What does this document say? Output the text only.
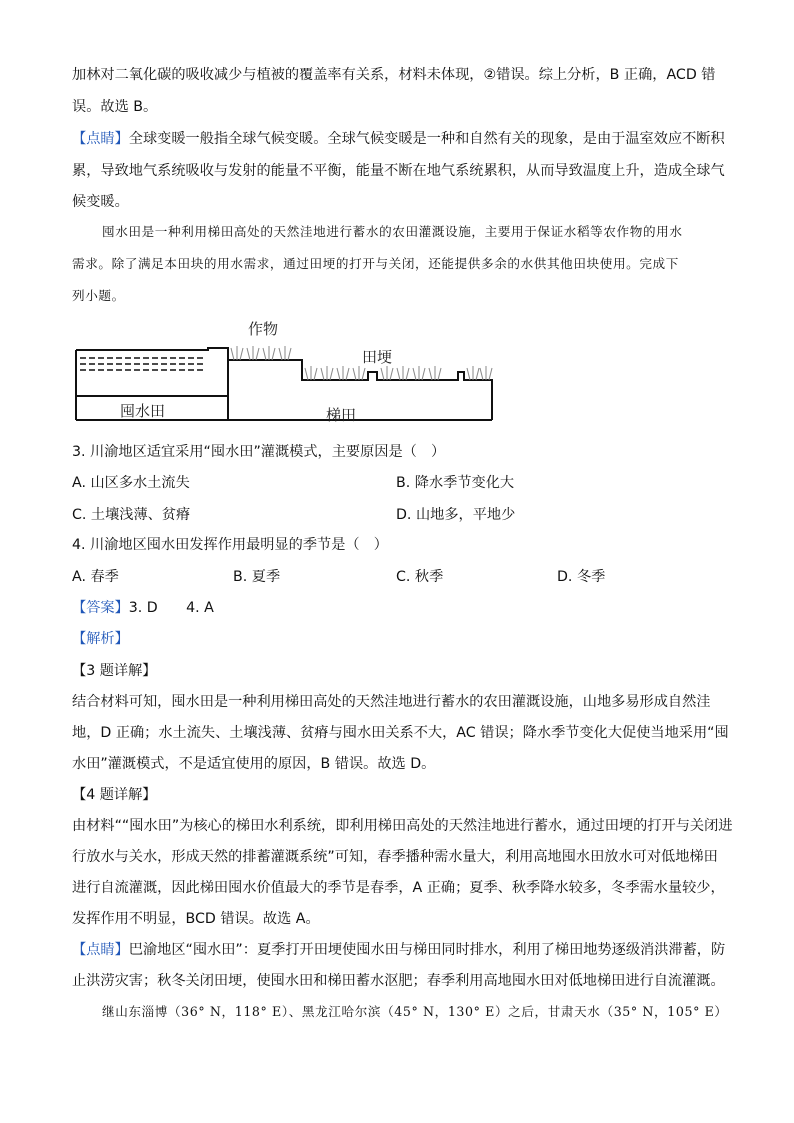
加林对二氧化碳的吸收减少与植被的覆盖率有关系，材料未体现，②错误。综上分析，B 正确，ACD 错
误。故选 B。
【点睛】全球变暖一般指全球气候变暖。全球气候变暖是一种和自然有关的现象，是由于温室效应不断积
累，导致地气系统吸收与发射的能量不平衡，能量不断在地气系统累积，从而导致温度上升，造成全球气
候变暖。
囤水田是一种利用梯田高处的天然洼地进行蓄水的农田灌溉设施，主要用于保证水稻等农作物的用水
需求。除了满足本田块的用水需求，通过田埂的打开与关闭，还能提供多余的水供其他田块使用。完成下
列小题。
作物
田埂
囤水田	梯田
3. 川渝地区适宜采用“囤水田”灌溉模式，主要原因是（　）
A. 山区多水土流失	B. 降水季节变化大
C. 土壤浅薄、贫瘠	D. 山地多，平地少
4. 川渝地区囤水田发挥作用最明显的季节是（　）
A. 春季	B. 夏季	C. 秋季	D. 冬季
【答案】3. D　　4. A
【解析】
【3 题详解】
结合材料可知，囤水田是一种利用梯田高处的天然洼地进行蓄水的农田灌溉设施，山地多易形成自然洼
地，D 正确；水土流失、土壤浅薄、贫瘠与囤水田关系不大，AC 错误；降水季节变化大促使当地采用“囤
水田”灌溉模式，不是适宜使用的原因，B 错误。故选 D。
【4 题详解】
由材料““囤水田”为核心的梯田水利系统，即利用梯田高处的天然洼地进行蓄水，通过田埂的打开与关闭进
行放水与关水，形成天然的排蓄灌溉系统”可知，春季播种需水量大，利用高地囤水田放水可对低地梯田
进行自流灌溉，因此梯田囤水价值最大的季节是春季，A 正确；夏季、秋季降水较多，冬季需水量较少，
发挥作用不明显，BCD 错误。故选 A。
【点睛】巴渝地区“囤水田”：夏季打开田埂使囤水田与梯田同时排水，利用了梯田地势逐级消洪滞蓄，防
止洪涝灾害；秋冬关闭田埂，使囤水田和梯田蓄水沤肥；春季利用高地囤水田对低地梯田进行自流灌溉。
继山东淄博（36° N，118° E）、黑龙江哈尔滨（45° N，130° E）之后，甘肃天水（35° N，105° E）
